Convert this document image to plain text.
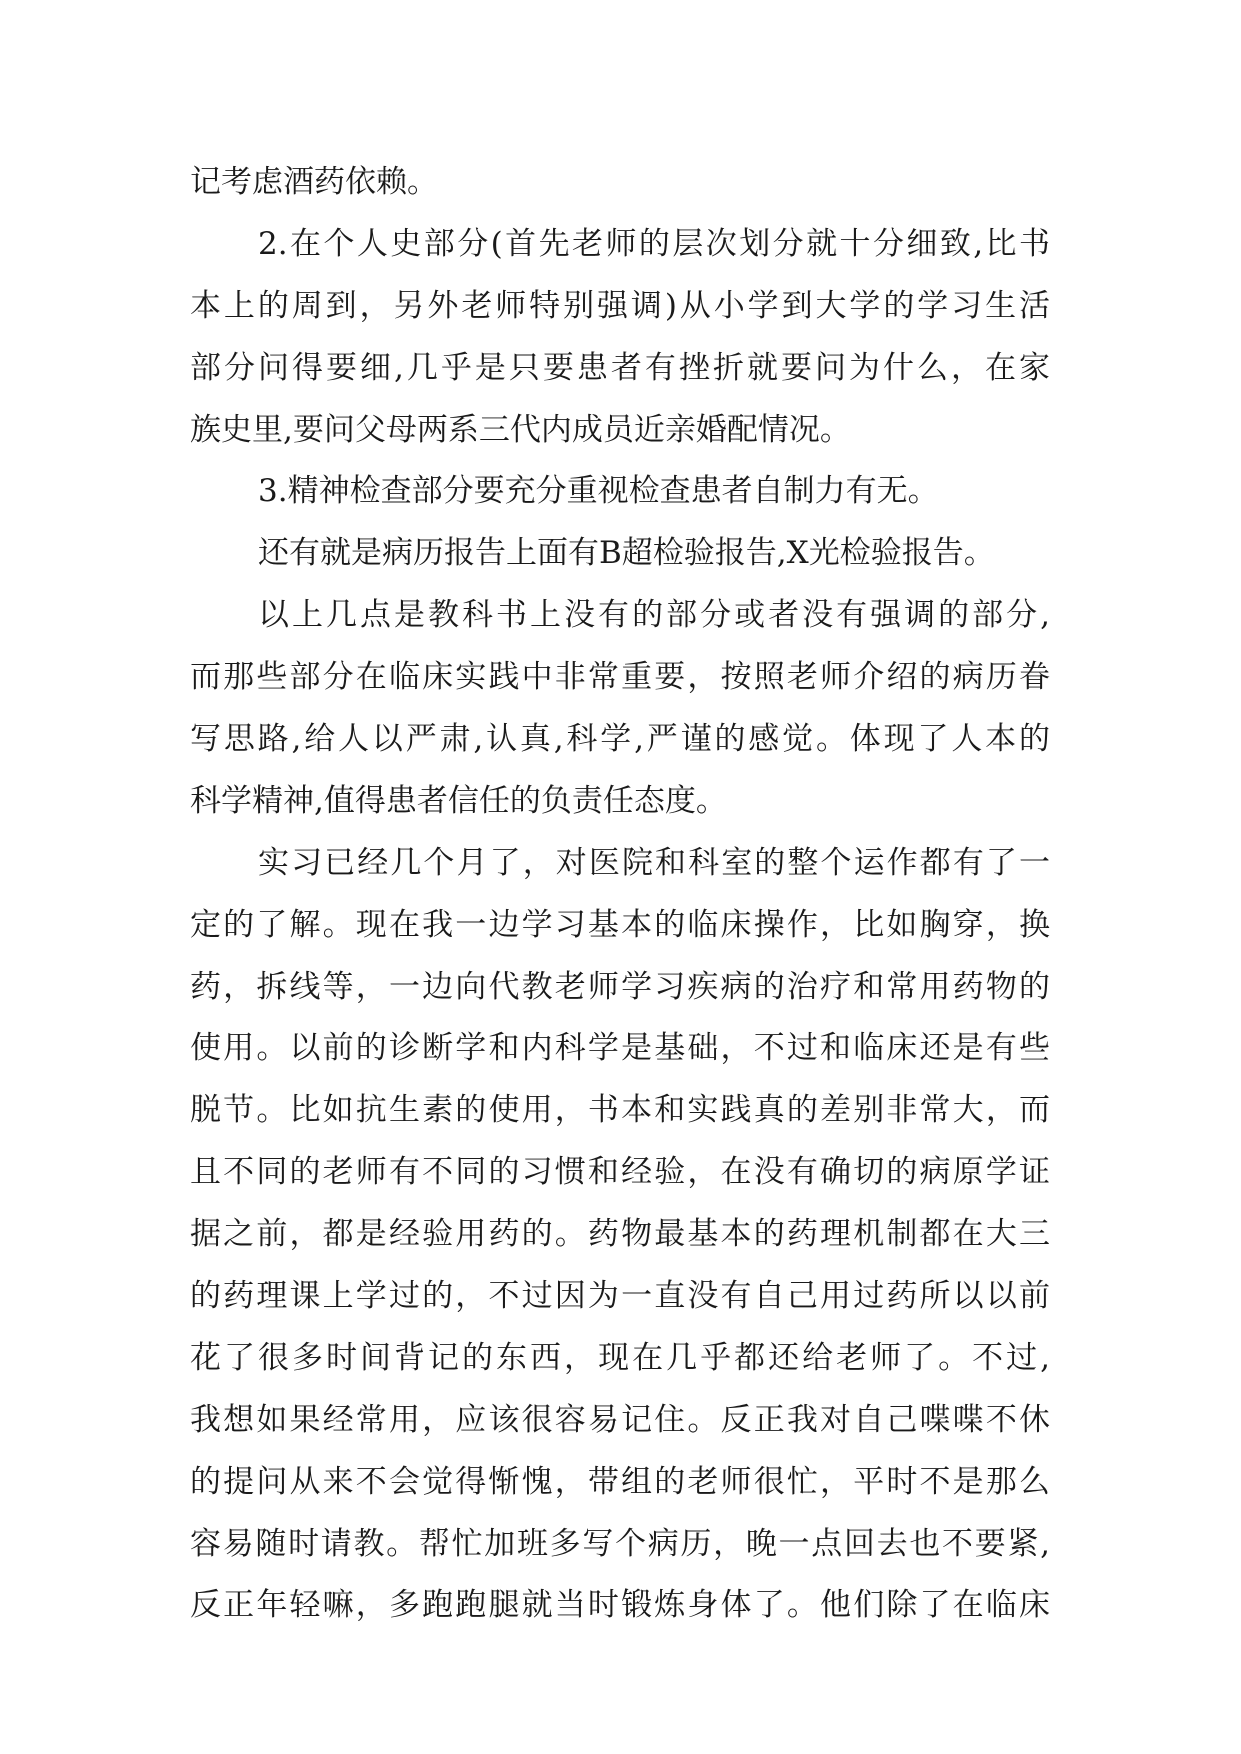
记考虑酒药依赖。
2.在个人史部分(首先老师的层次划分就十分细致,比书
本上的周到，另外老师特别强调)从小学到大学的学习生活
部分问得要细,几乎是只要患者有挫折就要问为什么，在家
族史里,要问父母两系三代内成员近亲婚配情况。
3.精神检查部分要充分重视检查患者自制力有无。
还有就是病历报告上面有B超检验报告,X光检验报告。
以上几点是教科书上没有的部分或者没有强调的部分,
而那些部分在临床实践中非常重要，按照老师介绍的病历眷
写思路,给人以严肃,认真,科学,严谨的感觉。体现了人本的
科学精神,值得患者信任的负责任态度。
实习已经几个月了，对医院和科室的整个运作都有了一
定的了解。现在我一边学习基本的临床操作，比如胸穿，换
药，拆线等，一边向代教老师学习疾病的治疗和常用药物的
使用。以前的诊断学和内科学是基础，不过和临床还是有些
脱节。比如抗生素的使用，书本和实践真的差别非常大，而
且不同的老师有不同的习惯和经验，在没有确切的病原学证
据之前，都是经验用药的。药物最基本的药理机制都在大三
的药理课上学过的，不过因为一直没有自己用过药所以以前
花了很多时间背记的东西，现在几乎都还给老师了。不过,
我想如果经常用，应该很容易记住。反正我对自己喋喋不休
的提问从来不会觉得惭愧，带组的老师很忙，平时不是那么
容易随时请教。帮忙加班多写个病历，晚一点回去也不要紧,
反正年轻嘛，多跑跑腿就当时锻炼身体了。他们除了在临床
